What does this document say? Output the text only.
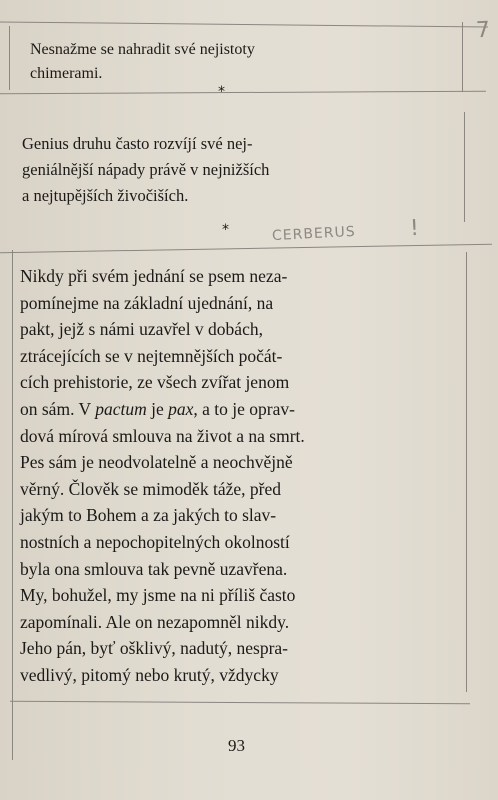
7
CERBERUS !
Nesnažme se nahradit své nejistoty
chimerami.
*
Genius druhu často rozvíjí své nej-
geniálnější nápady právě v nejnižších
a nejtupějších živočiších.
*
Nikdy při svém jednání se psem neza-
pomínejme na základní ujednání, na
pakt, jejž s námi uzavřel v dobách,
ztrácejících se v nejtemnějších počát-
cích prehistorie, ze všech zvířat jenom
on sám. V pactum je pax, a to je oprav-
dová mírová smlouva na život a na smrt.
Pes sám je neodvolatelně a neochvějně
věrný. Člověk se mimoděk táže, před
jakým to Bohem a za jakých to slav-
nostních a nepochopitelných okolností
byla ona smlouva tak pevně uzavřena.
My, bohužel, my jsme na ni příliš často
zapomínali. Ale on nezapomněl nikdy.
Jeho pán, byť ošklivý, nadutý, nespra-
vedlivý, pitomý nebo krutý, vždycky
93
